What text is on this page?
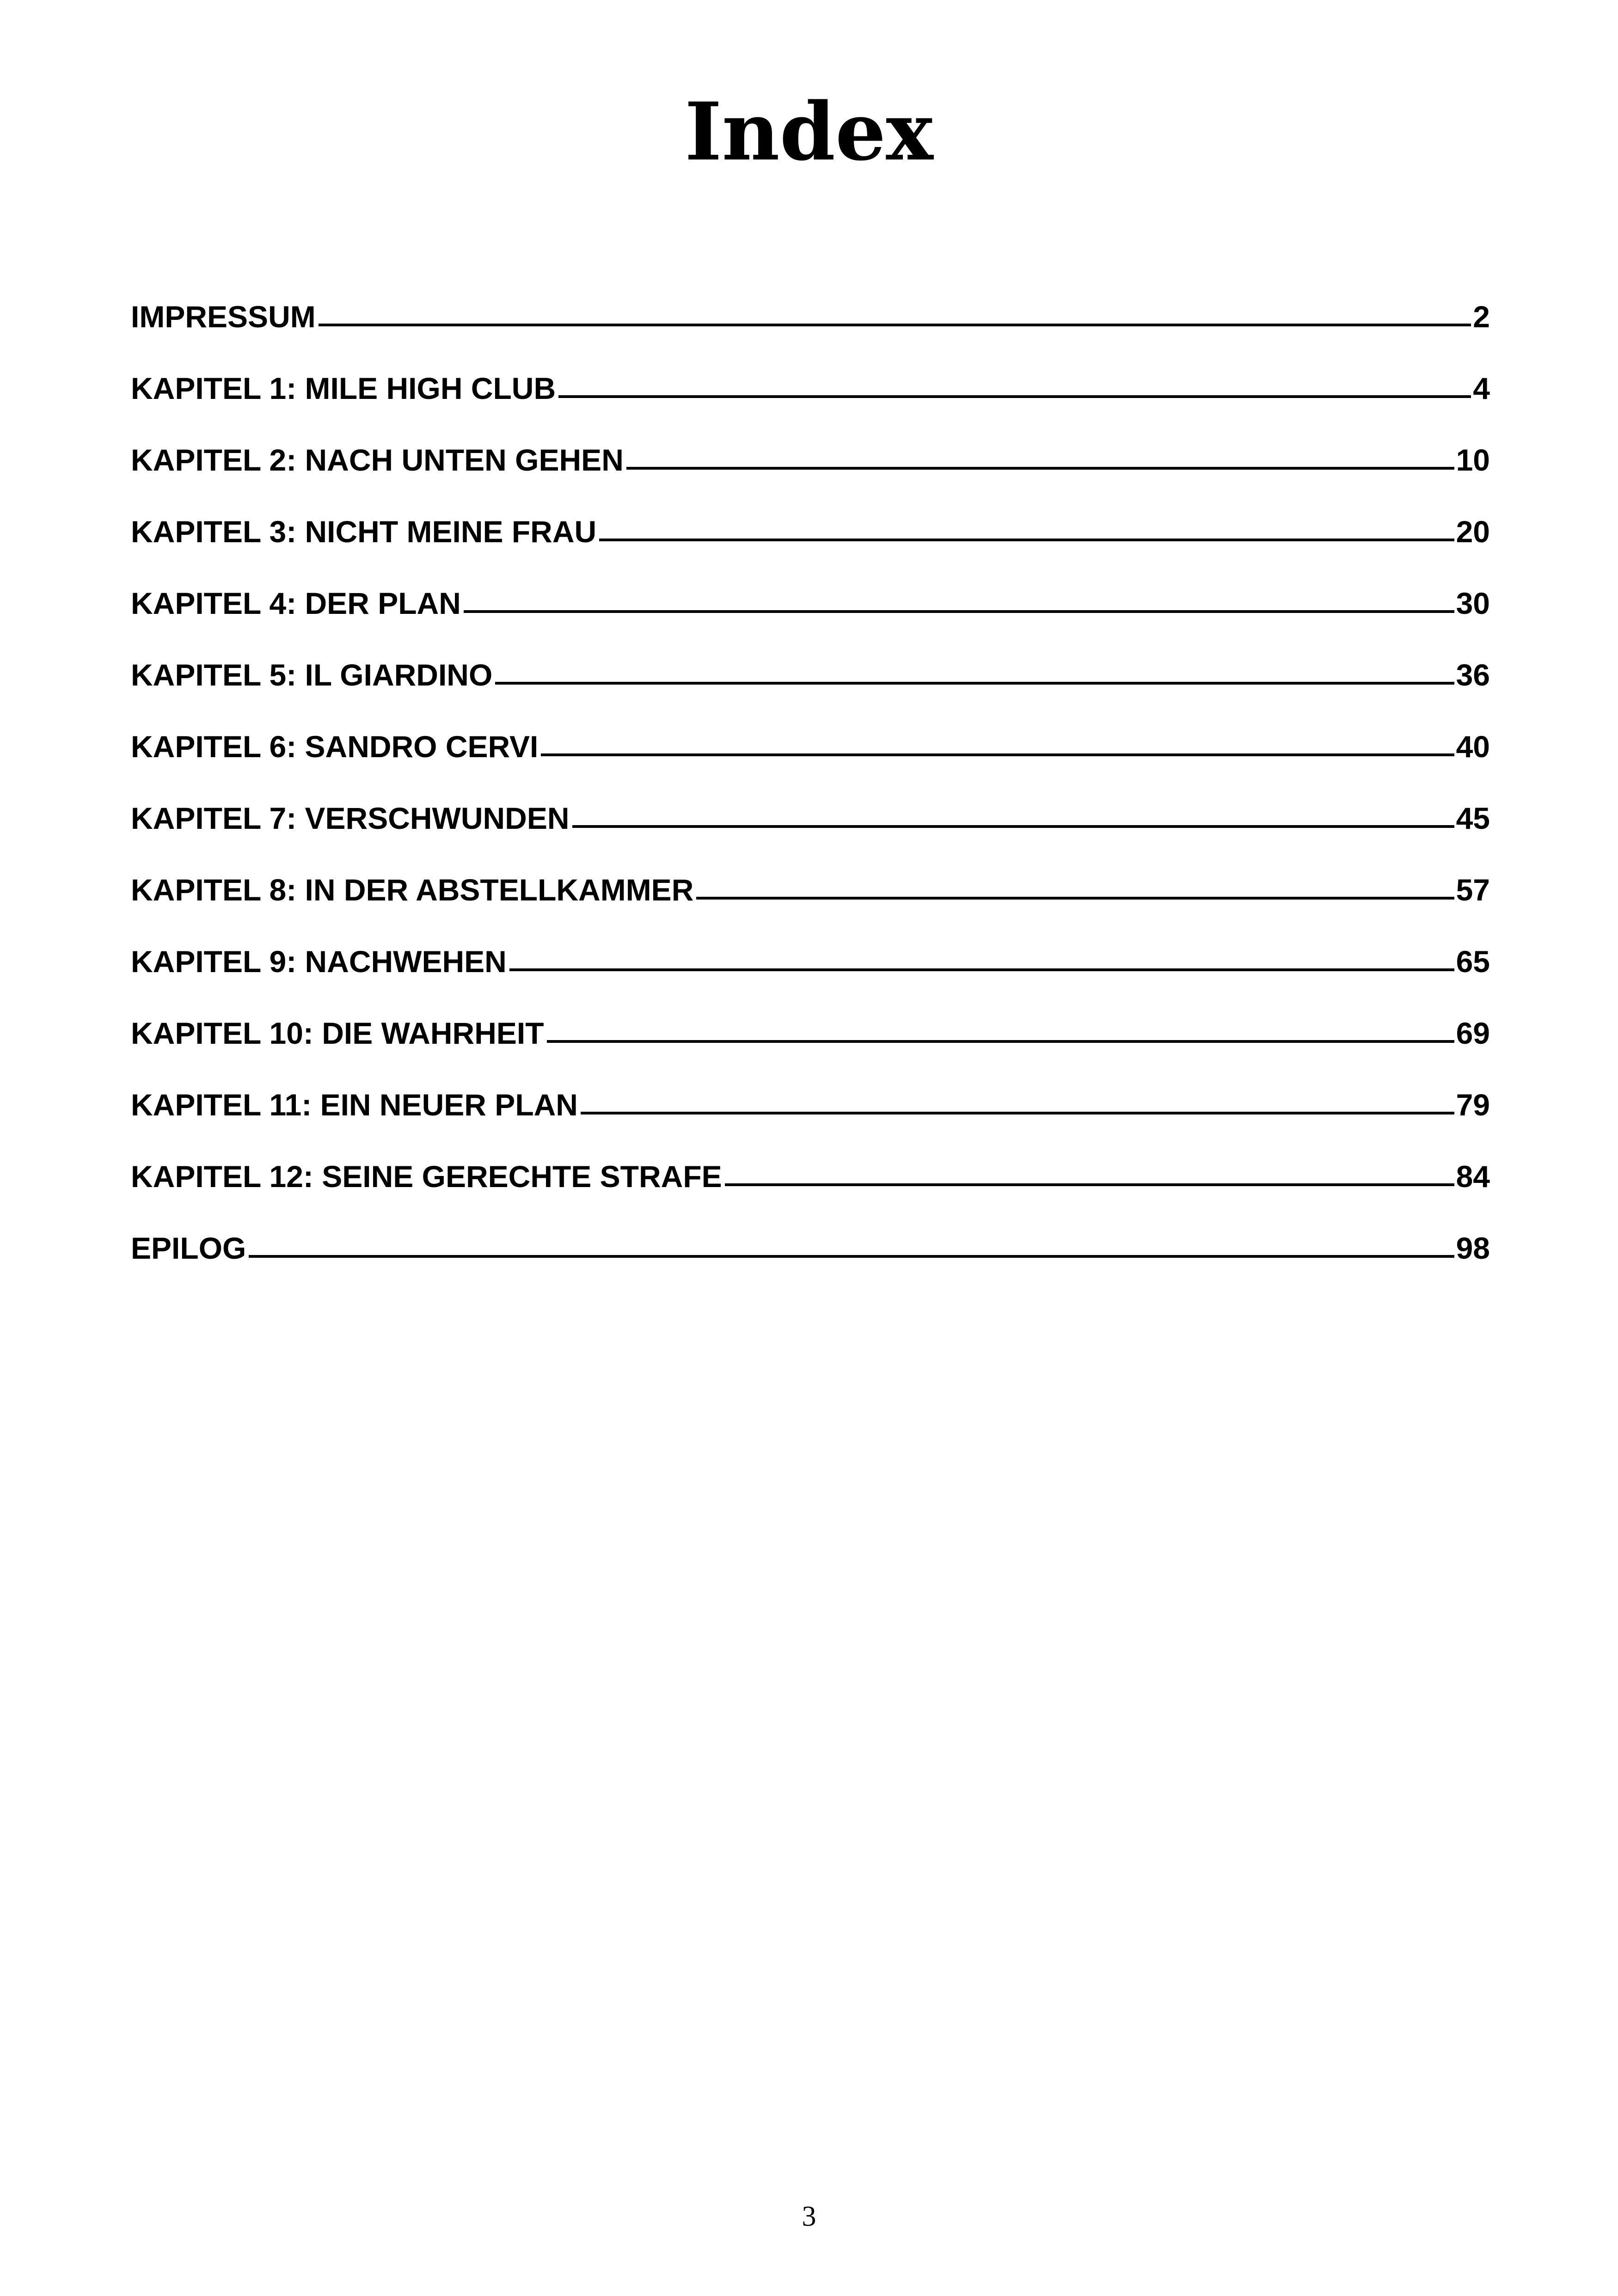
Index
IMPRESSUM	2
KAPITEL 1: MILE HIGH CLUB	4
KAPITEL 2: NACH UNTEN GEHEN	10
KAPITEL 3: NICHT MEINE FRAU	20
KAPITEL 4: DER PLAN	30
KAPITEL 5: IL GIARDINO	36
KAPITEL 6: SANDRO CERVI	40
KAPITEL 7: VERSCHWUNDEN	45
KAPITEL 8: IN DER ABSTELLKAMMER	57
KAPITEL 9: NACHWEHEN	65
KAPITEL 10: DIE WAHRHEIT	69
KAPITEL 11: EIN NEUER PLAN	79
KAPITEL 12: SEINE GERECHTE STRAFE	84
EPILOG	98
3
